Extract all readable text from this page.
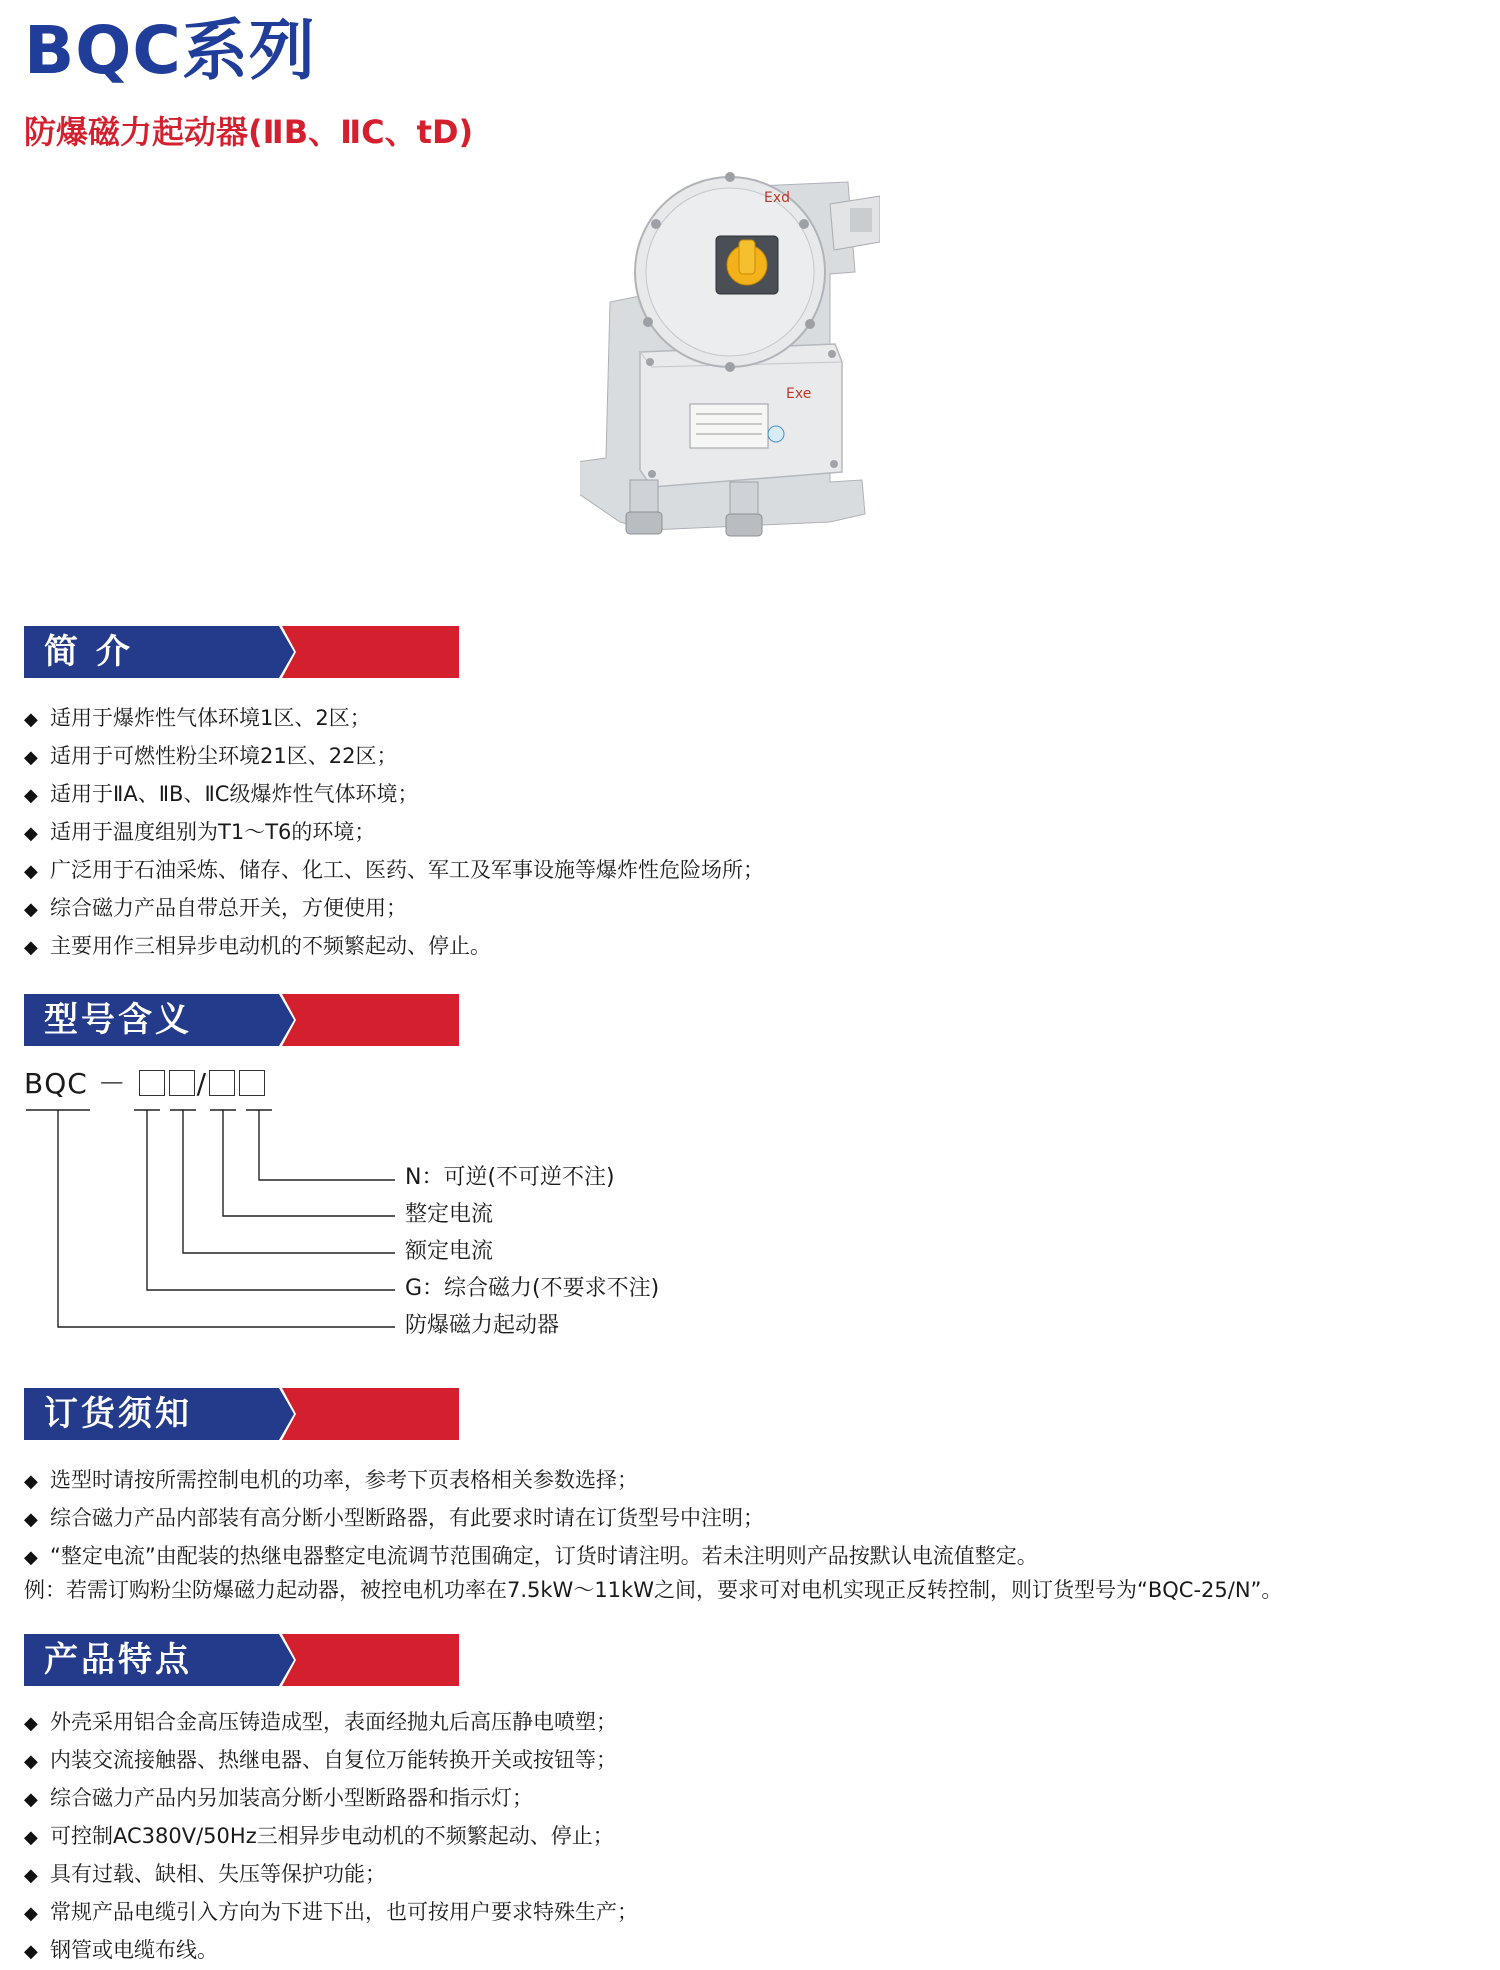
BQC系列
防爆磁力起动器(ⅡB、ⅡC、tD)
Exe
Exd
简 介
◆ 适用于爆炸性气体环境1区、2区；
◆ 适用于可燃性粉尘环境21区、22区；
◆ 适用于ⅡA、ⅡB、ⅡC级爆炸性气体环境；
◆ 适用于温度组别为T1～T6的环境；
◆ 广泛用于石油采炼、储存、化工、医药、军工及军事设施等爆炸性危险场所；
◆ 综合磁力产品自带总开关，方便使用；
◆ 主要用作三相异步电动机的不频繁起动、停止。
型号含义
BQC － /
N：可逆(不可逆不注)
整定电流
额定电流
G：综合磁力(不要求不注)
防爆磁力起动器
订货须知
◆ 选型时请按所需控制电机的功率，参考下页表格相关参数选择；
◆ 综合磁力产品内部装有高分断小型断路器，有此要求时请在订货型号中注明；
◆ “整定电流”由配装的热继电器整定电流调节范围确定，订货时请注明。若未注明则产品按默认电流值整定。
例：若需订购粉尘防爆磁力起动器，被控电机功率在7.5kW～11kW之间，要求可对电机实现正反转控制，则订货型号为“BQC-25/N”。
产品特点
◆ 外壳采用铝合金高压铸造成型，表面经抛丸后高压静电喷塑；
◆ 内装交流接触器、热继电器、自复位万能转换开关或按钮等；
◆ 综合磁力产品内另加装高分断小型断路器和指示灯；
◆ 可控制AC380V/50Hz三相异步电动机的不频繁起动、停止；
◆ 具有过载、缺相、失压等保护功能；
◆ 常规产品电缆引入方向为下进下出，也可按用户要求特殊生产；
◆ 钢管或电缆布线。
